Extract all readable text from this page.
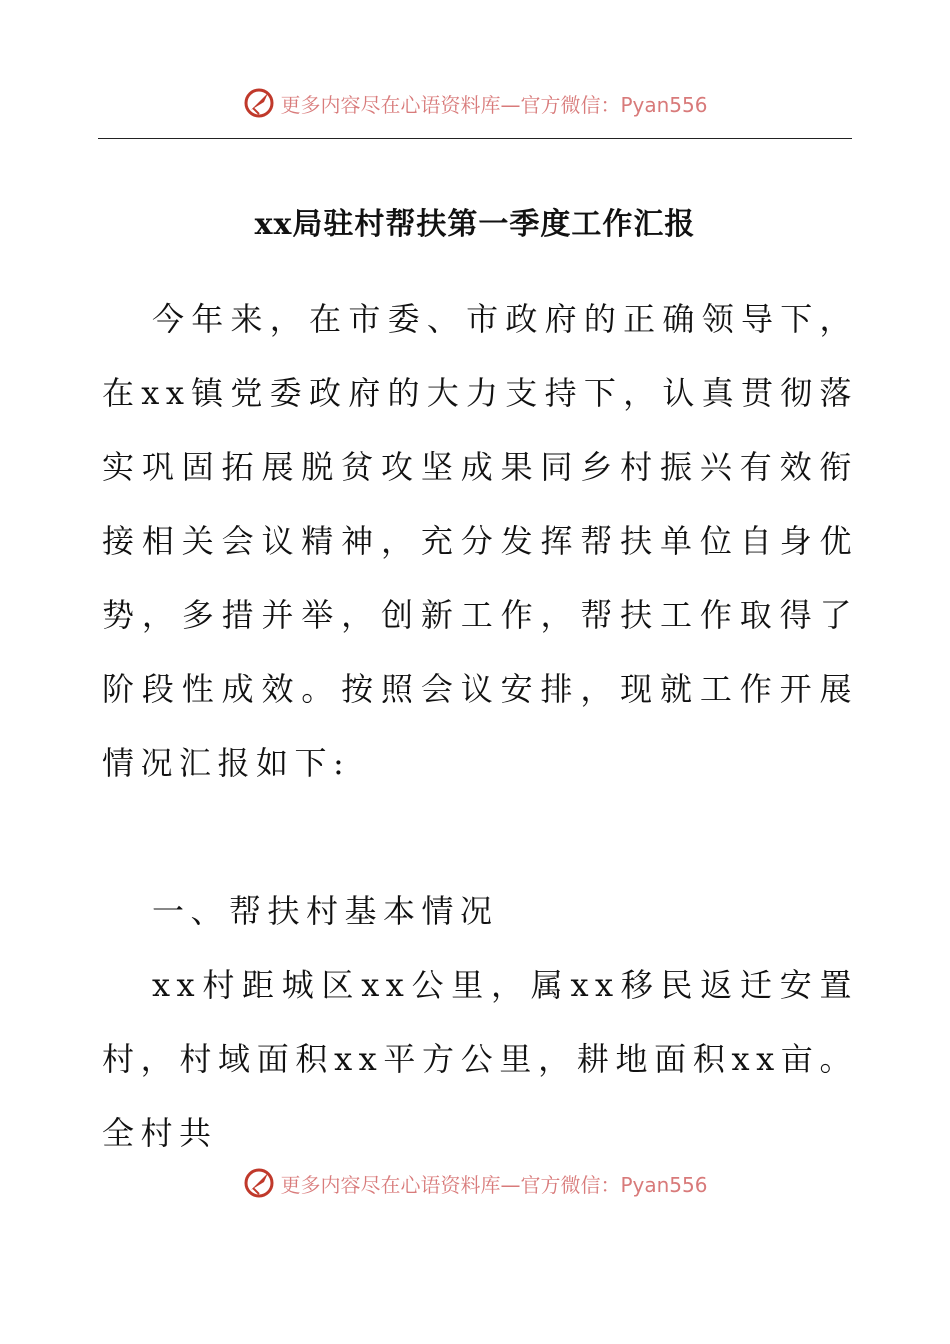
更多内容尽在心语资料库—官方微信：Pyan556
xx局驻村帮扶第一季度工作汇报
今年来，在市委、市政府的正确领导下，在xx镇党委政府的大力支持下，认真贯彻落实巩固拓展脱贫攻坚成果同乡村振兴有效衔接相关会议精神，充分发挥帮扶单位自身优势，多措并举，创新工作，帮扶工作取得了阶段性成效。按照会议安排，现就工作开展情况汇报如下:
一、帮扶村基本情况
xx村距城区xx公里，属xx移民返迁安置村，村域面积xx平方公里，耕地面积xx亩。全村共
更多内容尽在心语资料库—官方微信：Pyan556
